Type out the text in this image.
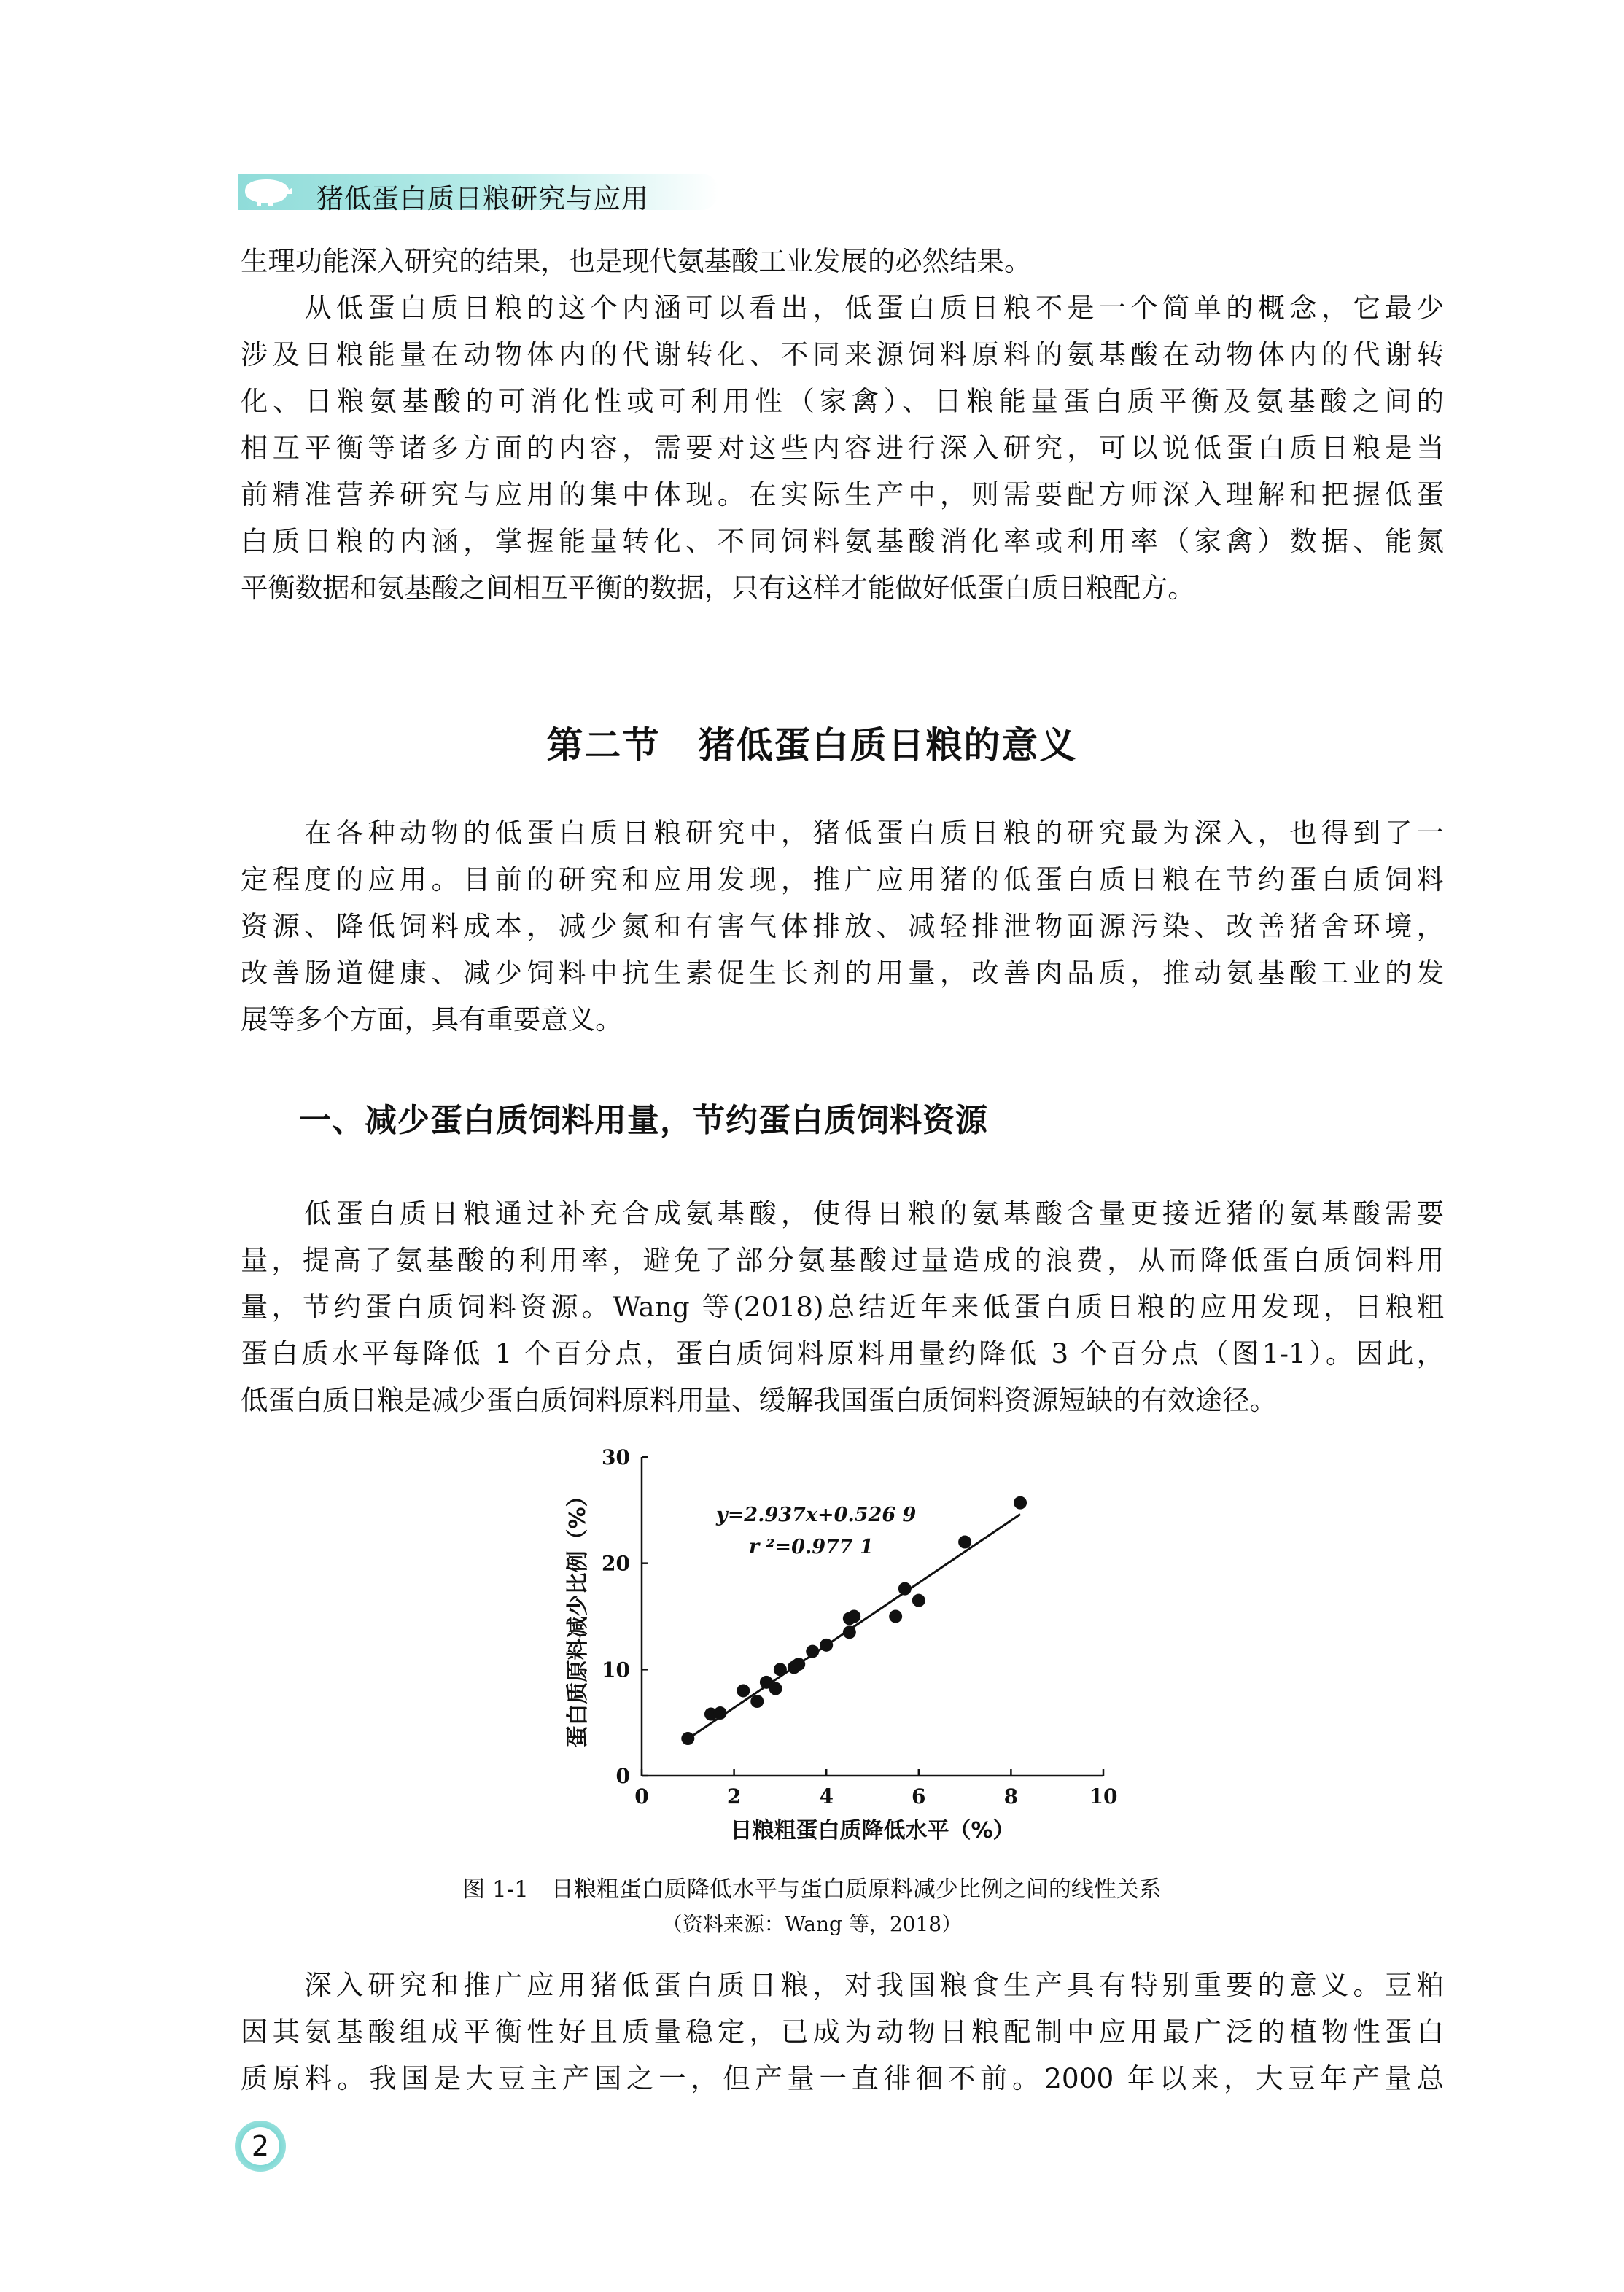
猪低蛋白质日粮研究与应用
生理功能深入研究的结果，也是现代氨基酸工业发展的必然结果。
　　从低蛋白质日粮的这个内涵可以看出，低蛋白质日粮不是一个简单的概念，它最少
涉及日粮能量在动物体内的代谢转化、不同来源饲料原料的氨基酸在动物体内的代谢转
化、日粮氨基酸的可消化性或可利用性（家禽）、日粮能量蛋白质平衡及氨基酸之间的
相互平衡等诸多方面的内容，需要对这些内容进行深入研究，可以说低蛋白质日粮是当
前精准营养研究与应用的集中体现。在实际生产中，则需要配方师深入理解和把握低蛋
白质日粮的内涵，掌握能量转化、不同饲料氨基酸消化率或利用率（家禽）数据、能氮
平衡数据和氨基酸之间相互平衡的数据，只有这样才能做好低蛋白质日粮配方。
第二节　猪低蛋白质日粮的意义
　　在各种动物的低蛋白质日粮研究中，猪低蛋白质日粮的研究最为深入，也得到了一
定程度的应用。目前的研究和应用发现，推广应用猪的低蛋白质日粮在节约蛋白质饲料
资源、降低饲料成本，减少氮和有害气体排放、减轻排泄物面源污染、改善猪舍环境，
改善肠道健康、减少饲料中抗生素促生长剂的用量，改善肉品质，推动氨基酸工业的发
展等多个方面，具有重要意义。
一、减少蛋白质饲料用量，节约蛋白质饲料资源
　　低蛋白质日粮通过补充合成氨基酸，使得日粮的氨基酸含量更接近猪的氨基酸需要
量，提高了氨基酸的利用率，避免了部分氨基酸过量造成的浪费，从而降低蛋白质饲料用
量，节约蛋白质饲料资源。Wang 等(2018)总结近年来低蛋白质日粮的应用发现，日粮粗
蛋白质水平每降低 1 个百分点，蛋白质饲料原料用量约降低 3 个百分点（图1-1）。因此，
低蛋白质日粮是减少蛋白质饲料原料用量、缓解我国蛋白质饲料资源短缺的有效途径。
0	2	4	6	8	10
0
10
20
30
y=2.937x+0.526 9
r ²=0.977 1
日粮粗蛋白质降低水平（%）
蛋白质原料减少比例（%）

图 1-1　日粮粗蛋白质降低水平与蛋白质原料减少比例之间的线性关系

（资料来源：Wang 等，2018）

　　深入研究和推广应用猪低蛋白质日粮，对我国粮食生产具有特别重要的意义。豆粕
因其氨基酸组成平衡性好且质量稳定，已成为动物日粮配制中应用最广泛的植物性蛋白
质原料。我国是大豆主产国之一，但产量一直徘徊不前。2000 年以来，大豆年产量总
2
